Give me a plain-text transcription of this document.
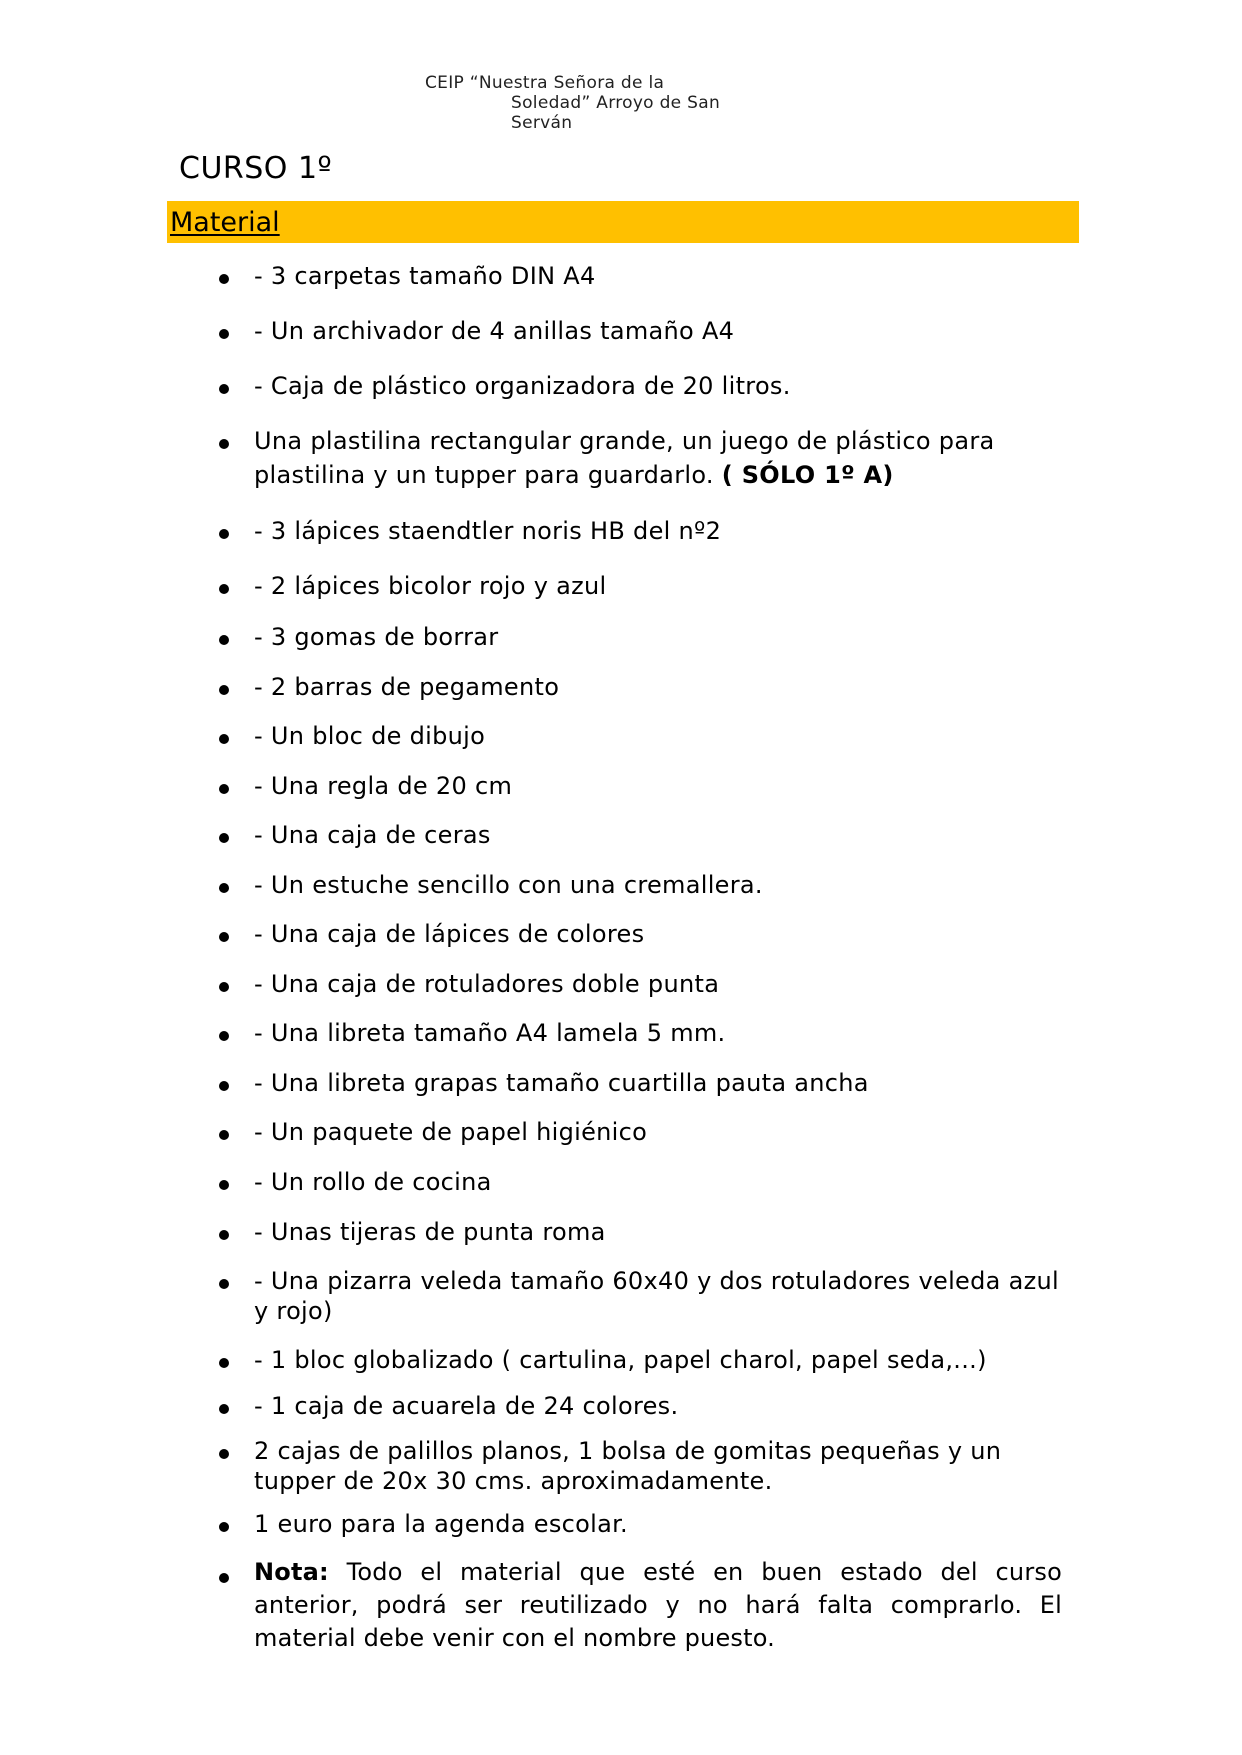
CEIP “Nuestra Señora de la
Soledad” Arroyo de San
Serván
CURSO 1º
Material
- 3 carpetas tamaño DIN A4
- Un archivador de 4 anillas tamaño A4
- Caja de plástico organizadora de 20 litros.
Una plastilina rectangular grande, un juego de plástico para plastilina y un tupper para guardarlo. ( SÓLO 1º A)
- 3 lápices staendtler noris HB del nº2
- 2 lápices bicolor rojo y azul
- 3 gomas de borrar
- 2 barras de pegamento
- Un bloc de dibujo
- Una regla de 20 cm
- Una caja de ceras
- Un estuche sencillo con una cremallera.
- Una caja de lápices de colores
- Una caja de rotuladores doble punta
- Una libreta tamaño A4 lamela 5 mm.
- Una libreta grapas tamaño cuartilla pauta ancha
- Un paquete de papel higiénico
- Un rollo de cocina
- Unas tijeras de punta roma
- Una pizarra veleda tamaño 60x40 y dos rotuladores veleda azul y rojo)
- 1 bloc globalizado ( cartulina, papel charol, papel seda,...)
- 1 caja de acuarela de 24 colores.
2 cajas de palillos planos, 1 bolsa de gomitas pequeñas y un tupper de 20x 30 cms. aproximadamente.
1 euro para la agenda escolar.
Nota: Todo el material que esté en buen estado del curso anterior, podrá ser reutilizado y no hará falta comprarlo. El material debe venir con el nombre puesto.
